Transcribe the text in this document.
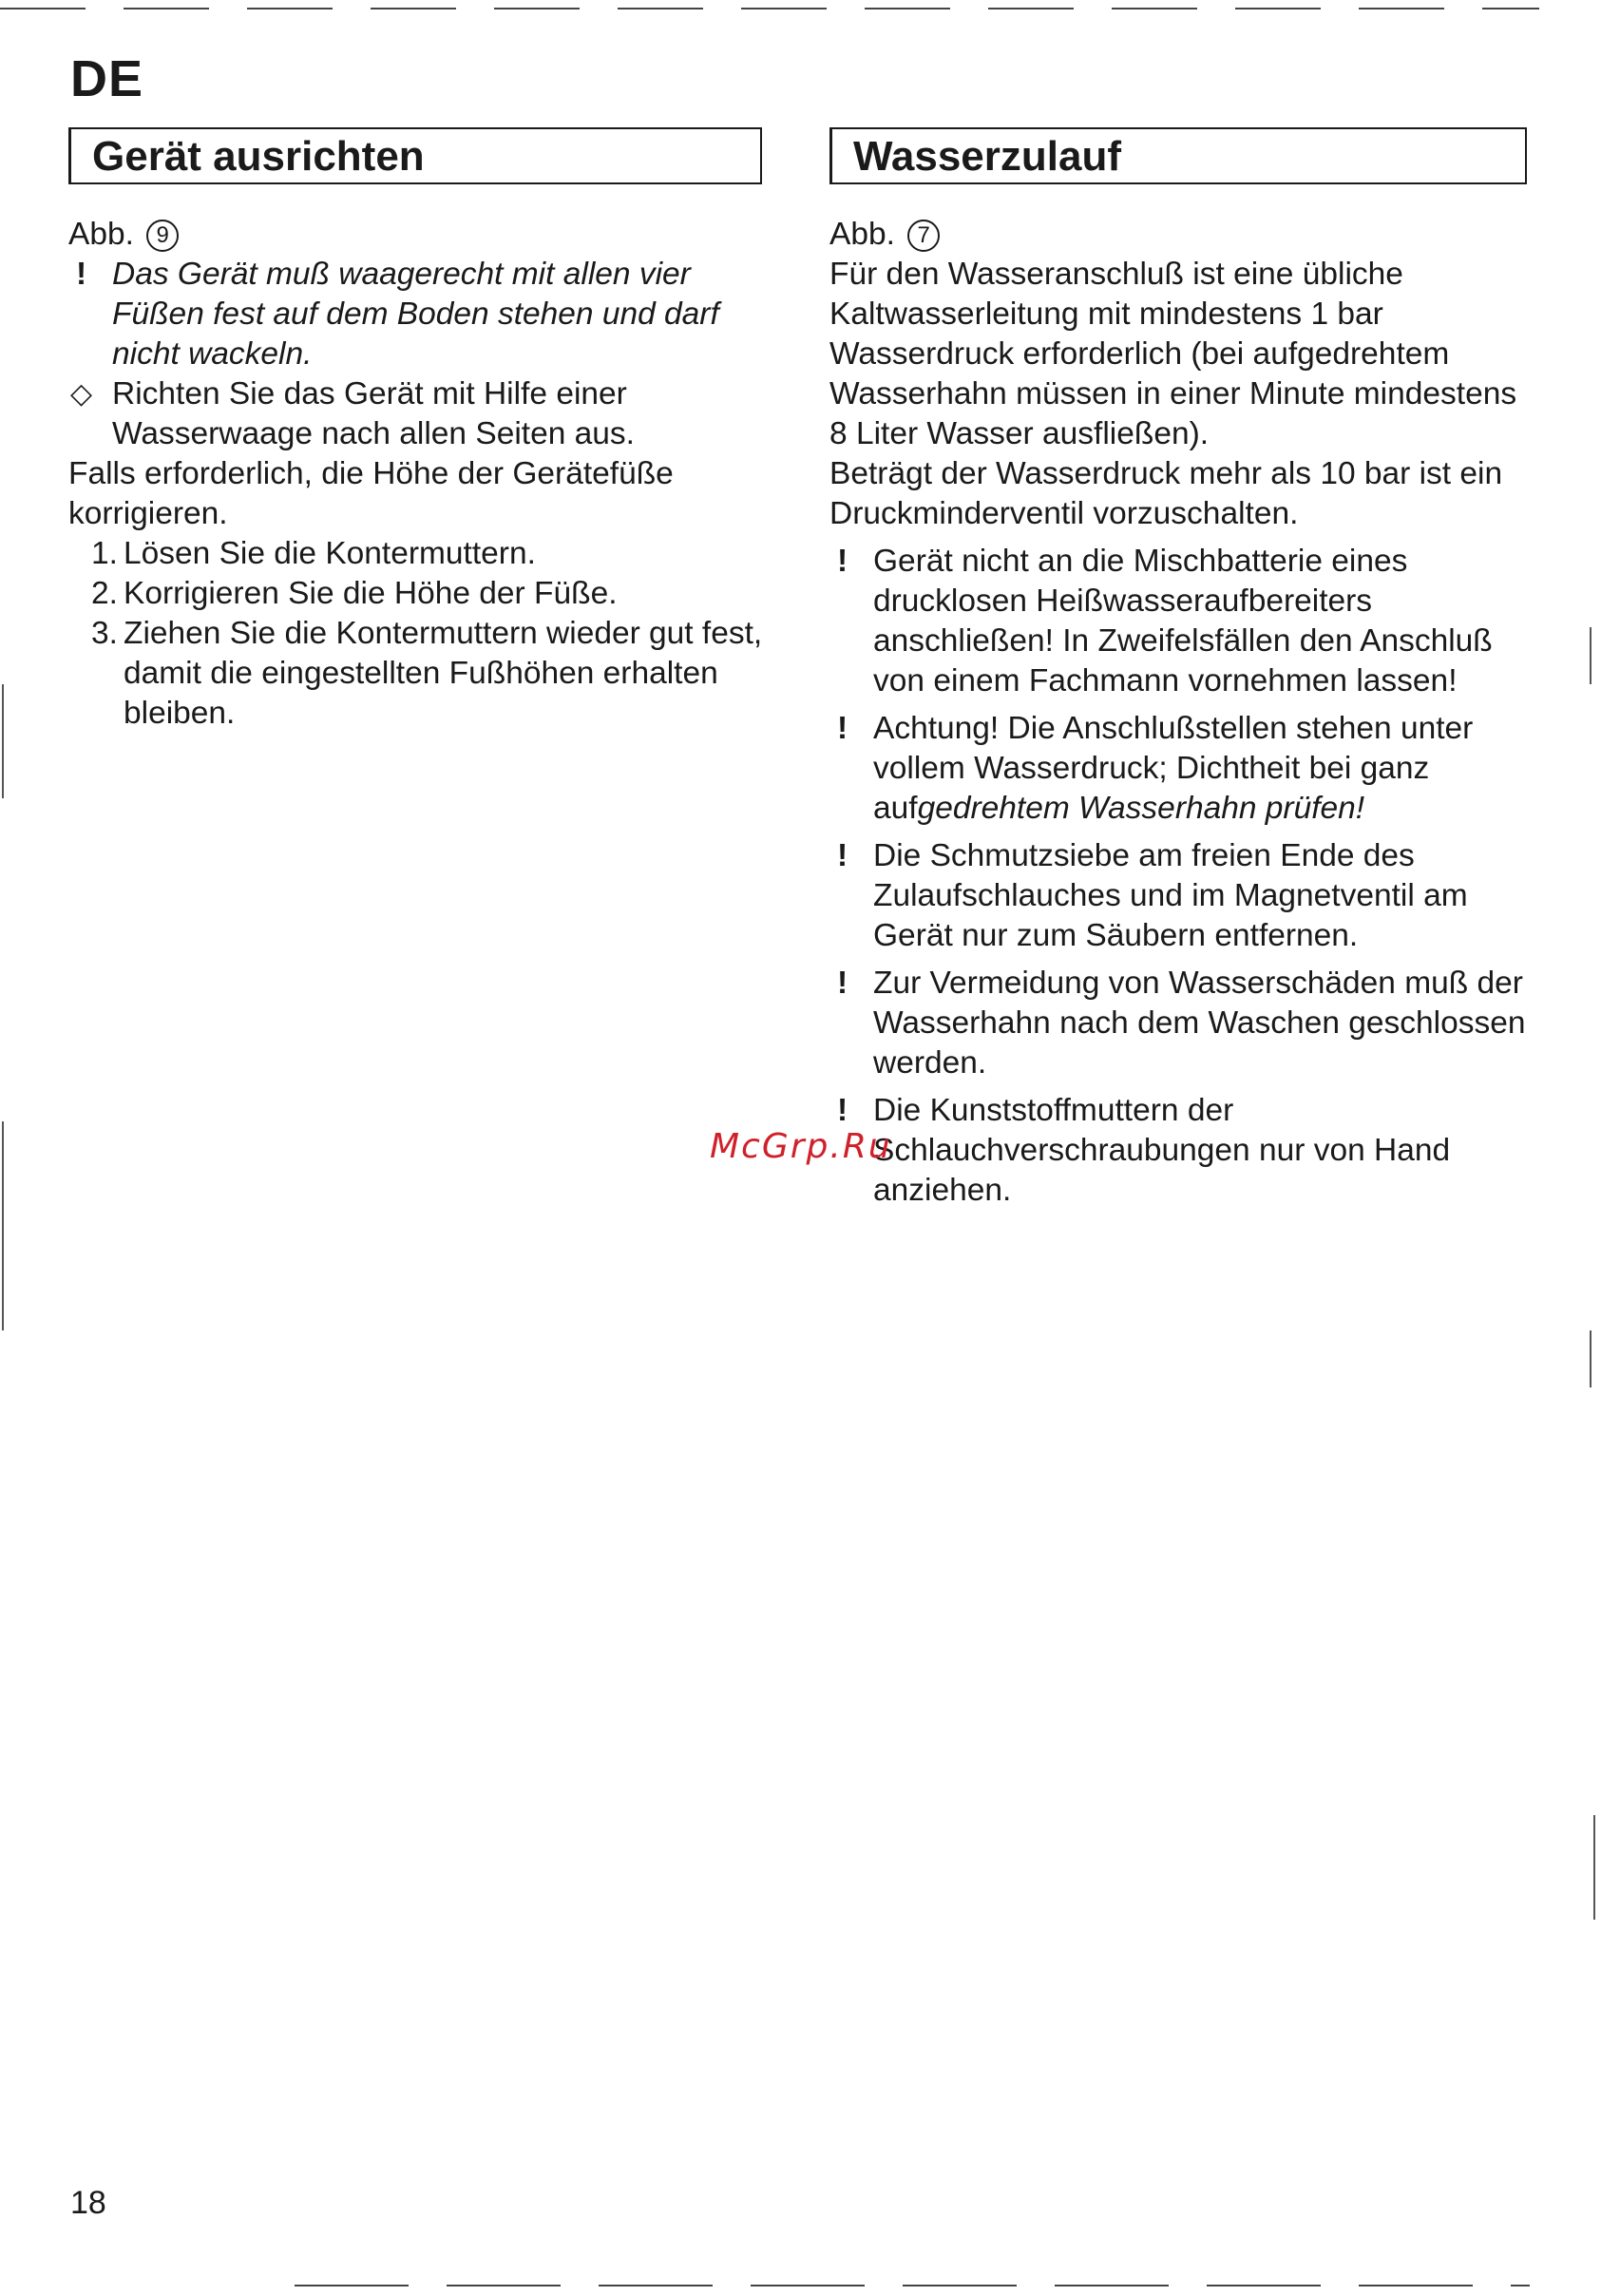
DE
Gerät ausrichten

Abb. 9

! Das Gerät muß waagerecht mit allen vier Füßen fest auf dem Boden stehen und darf nicht wackeln.

◇ Richten Sie das Gerät mit Hilfe einer Wasserwaage nach allen Seiten aus.

Falls erforderlich, die Höhe der Gerätefüße korrigieren.

1. Lösen Sie die Kontermuttern.

2. Korrigieren Sie die Höhe der Füße.

3. Ziehen Sie die Kontermuttern wieder gut fest, damit die eingestellten Fußhöhen erhalten bleiben.

Wasserzulauf

Abb. 7

Für den Wasseranschluß ist eine übliche Kaltwasserleitung mit mindestens 1 bar Wasserdruck erforderlich (bei aufgedrehtem Wasserhahn müssen in einer Minute mindestens 8 Liter Wasser ausfließen).

Beträgt der Wasserdruck mehr als 10 bar ist ein Druckminderventil vorzuschalten.

! Gerät nicht an die Mischbatterie eines drucklosen Heißwasseraufbereiters anschließen! In Zweifelsfällen den Anschluß von einem Fachmann vornehmen lassen!

! Achtung! Die Anschlußstellen stehen unter vollem Wasserdruck; Dichtheit bei ganz aufgedrehtem Wasserhahn prüfen!

! Die Schmutzsiebe am freien Ende des Zulaufschlauches und im Magnetventil am Gerät nur zum Säubern entfernen.

! Zur Vermeidung von Wasserschäden muß der Wasserhahn nach dem Waschen geschlossen werden.

! Die Kunststoffmuttern der Schlauchverschraubungen nur von Hand anziehen.

McGrp.Ru

18
